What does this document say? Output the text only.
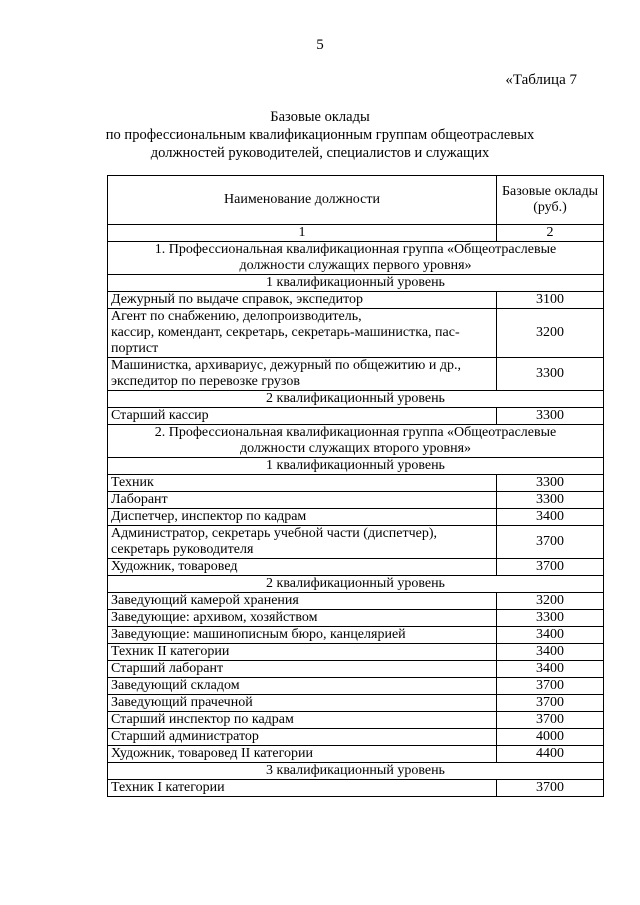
5
«Таблица 7
Базовые оклады
по профессиональным квалификационным группам общеотраслевых
должностей руководителей, специалистов и служащих
Наименование должности	Базовые оклады
(руб.)

1	2

1. Профессиональная квалификационная группа «Общеотраслевые
должности служащих первого уровня»	

1 квалификационный уровень	

Дежурный по выдаче справок, экспедитор	3100

Агент по снабжению, делопроизводитель,
кассир, комендант, секретарь, секретарь-машинистка, пас-
портист	3200

Машинистка, архивариус, дежурный по общежитию и др.,
экспедитор по перевозке грузов	3300
2 квалификационный уровень	

Старший кассир	3300

2. Профессиональная квалификационная группа «Общеотраслевые
должности служащих второго уровня»	

1 квалификационный уровень	

Техник	3300

Лаборант	3300

Диспетчер, инспектор по кадрам	3400

Администратор, секретарь учебной части (диспетчер),
секретарь руководителя	3700

Художник, товаровед	3700
2 квалификационный уровень	

Заведующий камерой хранения	3200

Заведующие: архивом, хозяйством	3300

Заведующие: машинописным бюро, канцелярией	3400

Техник II категории	3400

Старший лаборант	3400

Заведующий складом	3700

Заведующий прачечной	3700

Старший инспектор по кадрам	3700

Старший администратор	4000

Художник, товаровед II категории	4400
3 квалификационный уровень	

Техник I категории	3700
